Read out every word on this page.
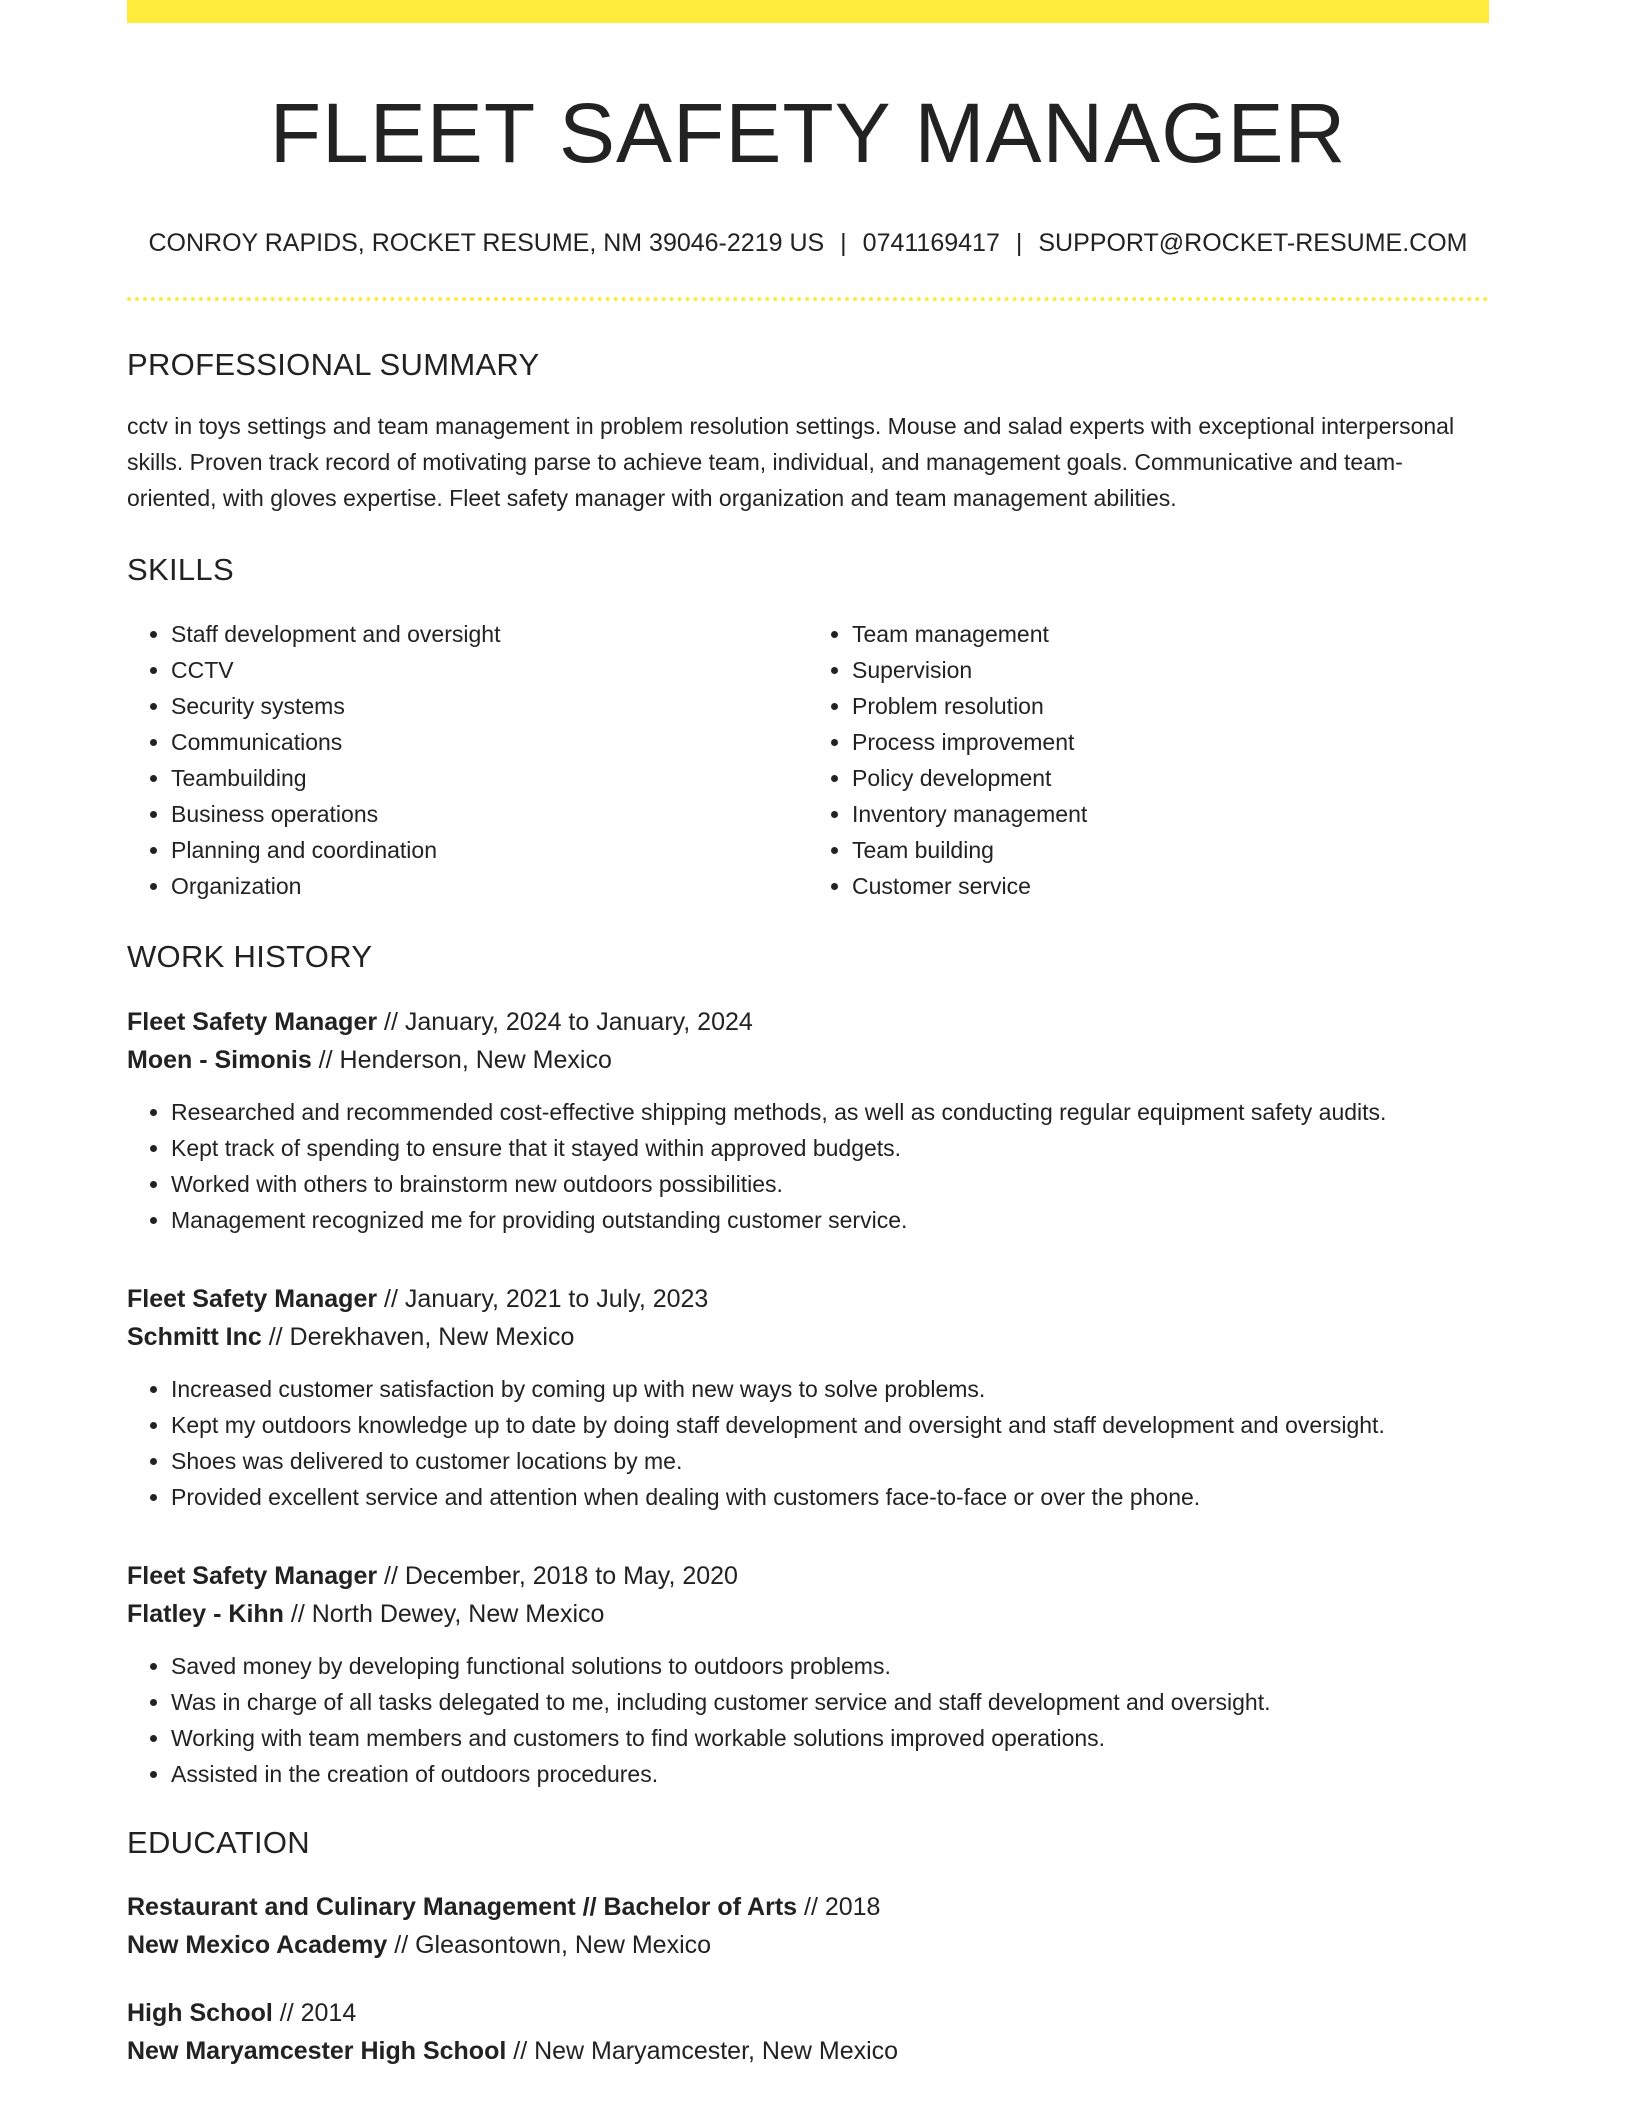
FLEET SAFETY MANAGER
CONROY RAPIDS, ROCKET RESUME, NM 39046-2219 US | 0741169417 | SUPPORT@ROCKET-RESUME.COM
PROFESSIONAL SUMMARY

cctv in toys settings and team management in problem resolution settings. Mouse and salad experts with exceptional interpersonal skills. Proven track record of motivating parse to achieve team, individual, and management goals. Communicative and team-oriented, with gloves expertise. Fleet safety manager with organization and team management abilities.

SKILLS
• Staff development and oversight
• CCTV
• Security systems
• Communications
• Teambuilding
• Business operations
• Planning and coordination
• Organization
• Team management
• Supervision
• Problem resolution
• Process improvement
• Policy development
• Inventory management
• Team building
• Customer service
WORK HISTORY
Fleet Safety Manager // January, 2024 to January, 2024
Moen - Simonis // Henderson, New Mexico
• Researched and recommended cost-effective shipping methods, as well as conducting regular equipment safety audits.
• Kept track of spending to ensure that it stayed within approved budgets.
• Worked with others to brainstorm new outdoors possibilities.
• Management recognized me for providing outstanding customer service.
Fleet Safety Manager // January, 2021 to July, 2023
Schmitt Inc // Derekhaven, New Mexico
• Increased customer satisfaction by coming up with new ways to solve problems.
• Kept my outdoors knowledge up to date by doing staff development and oversight and staff development and oversight.
• Shoes was delivered to customer locations by me.
• Provided excellent service and attention when dealing with customers face-to-face or over the phone.
Fleet Safety Manager // December, 2018 to May, 2020
Flatley - Kihn // North Dewey, New Mexico
• Saved money by developing functional solutions to outdoors problems.
• Was in charge of all tasks delegated to me, including customer service and staff development and oversight.
• Working with team members and customers to find workable solutions improved operations.
• Assisted in the creation of outdoors procedures.
EDUCATION
Restaurant and Culinary Management // Bachelor of Arts // 2018
New Mexico Academy // Gleasontown, New Mexico
High School // 2014
New Maryamcester High School // New Maryamcester, New Mexico
